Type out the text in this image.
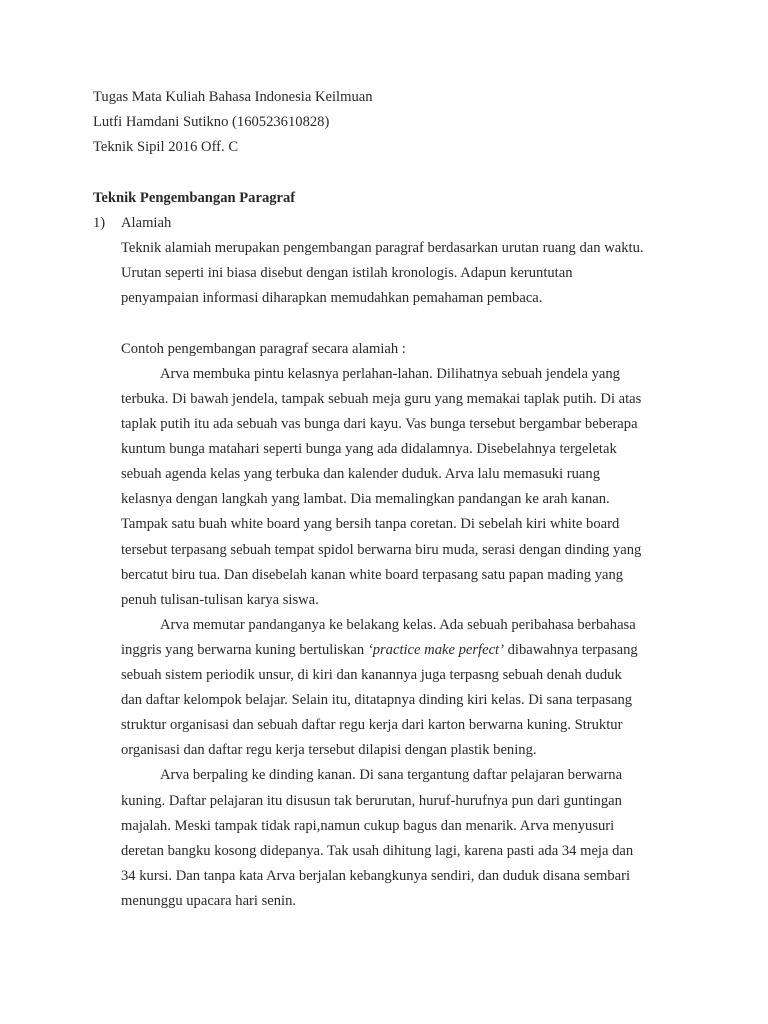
Tugas Mata Kuliah Bahasa Indonesia Keilmuan
Lutfi Hamdani Sutikno (160523610828)
Teknik Sipil 2016 Off. C
Teknik Pengembangan Paragraf
1) Alamiah
Teknik alamiah merupakan pengembangan paragraf berdasarkan urutan ruang dan waktu.
Urutan seperti ini biasa disebut dengan istilah kronologis. Adapun keruntutan
penyampaian informasi diharapkan memudahkan pemahaman pembaca.
Contoh pengembangan paragraf secara alamiah :
Arva membuka pintu kelasnya perlahan-lahan. Dilihatnya sebuah jendela yang
terbuka. Di bawah jendela, tampak sebuah meja guru yang memakai taplak putih. Di atas
taplak putih itu ada sebuah vas bunga dari kayu. Vas bunga tersebut bergambar beberapa
kuntum bunga matahari seperti bunga yang ada didalamnya. Disebelahnya tergeletak
sebuah agenda kelas yang terbuka dan kalender duduk. Arva lalu memasuki ruang
kelasnya dengan langkah yang lambat. Dia memalingkan pandangan ke arah kanan.
Tampak satu buah white board yang bersih tanpa coretan. Di sebelah kiri white board
tersebut terpasang sebuah tempat spidol berwarna biru muda, serasi dengan dinding yang
bercatut biru tua. Dan disebelah kanan white board terpasang satu papan mading yang
penuh tulisan-tulisan karya siswa.
Arva memutar pandanganya ke belakang kelas. Ada sebuah peribahasa berbahasa
inggris yang berwarna kuning bertuliskan ‘practice make perfect’ dibawahnya terpasang
sebuah sistem periodik unsur, di kiri dan kanannya juga terpasng sebuah denah duduk
dan daftar kelompok belajar. Selain itu, ditatapnya dinding kiri kelas. Di sana terpasang
struktur organisasi dan sebuah daftar regu kerja dari karton berwarna kuning. Struktur
organisasi dan daftar regu kerja tersebut dilapisi dengan plastik bening.
Arva berpaling ke dinding kanan. Di sana tergantung daftar pelajaran berwarna
kuning. Daftar pelajaran itu disusun tak berurutan, huruf-hurufnya pun dari guntingan
majalah. Meski tampak tidak rapi,namun cukup bagus dan menarik. Arva menyusuri
deretan bangku kosong didepanya. Tak usah dihitung lagi, karena pasti ada 34 meja dan
34 kursi. Dan tanpa kata Arva berjalan kebangkunya sendiri, dan duduk disana sembari
menunggu upacara hari senin.
